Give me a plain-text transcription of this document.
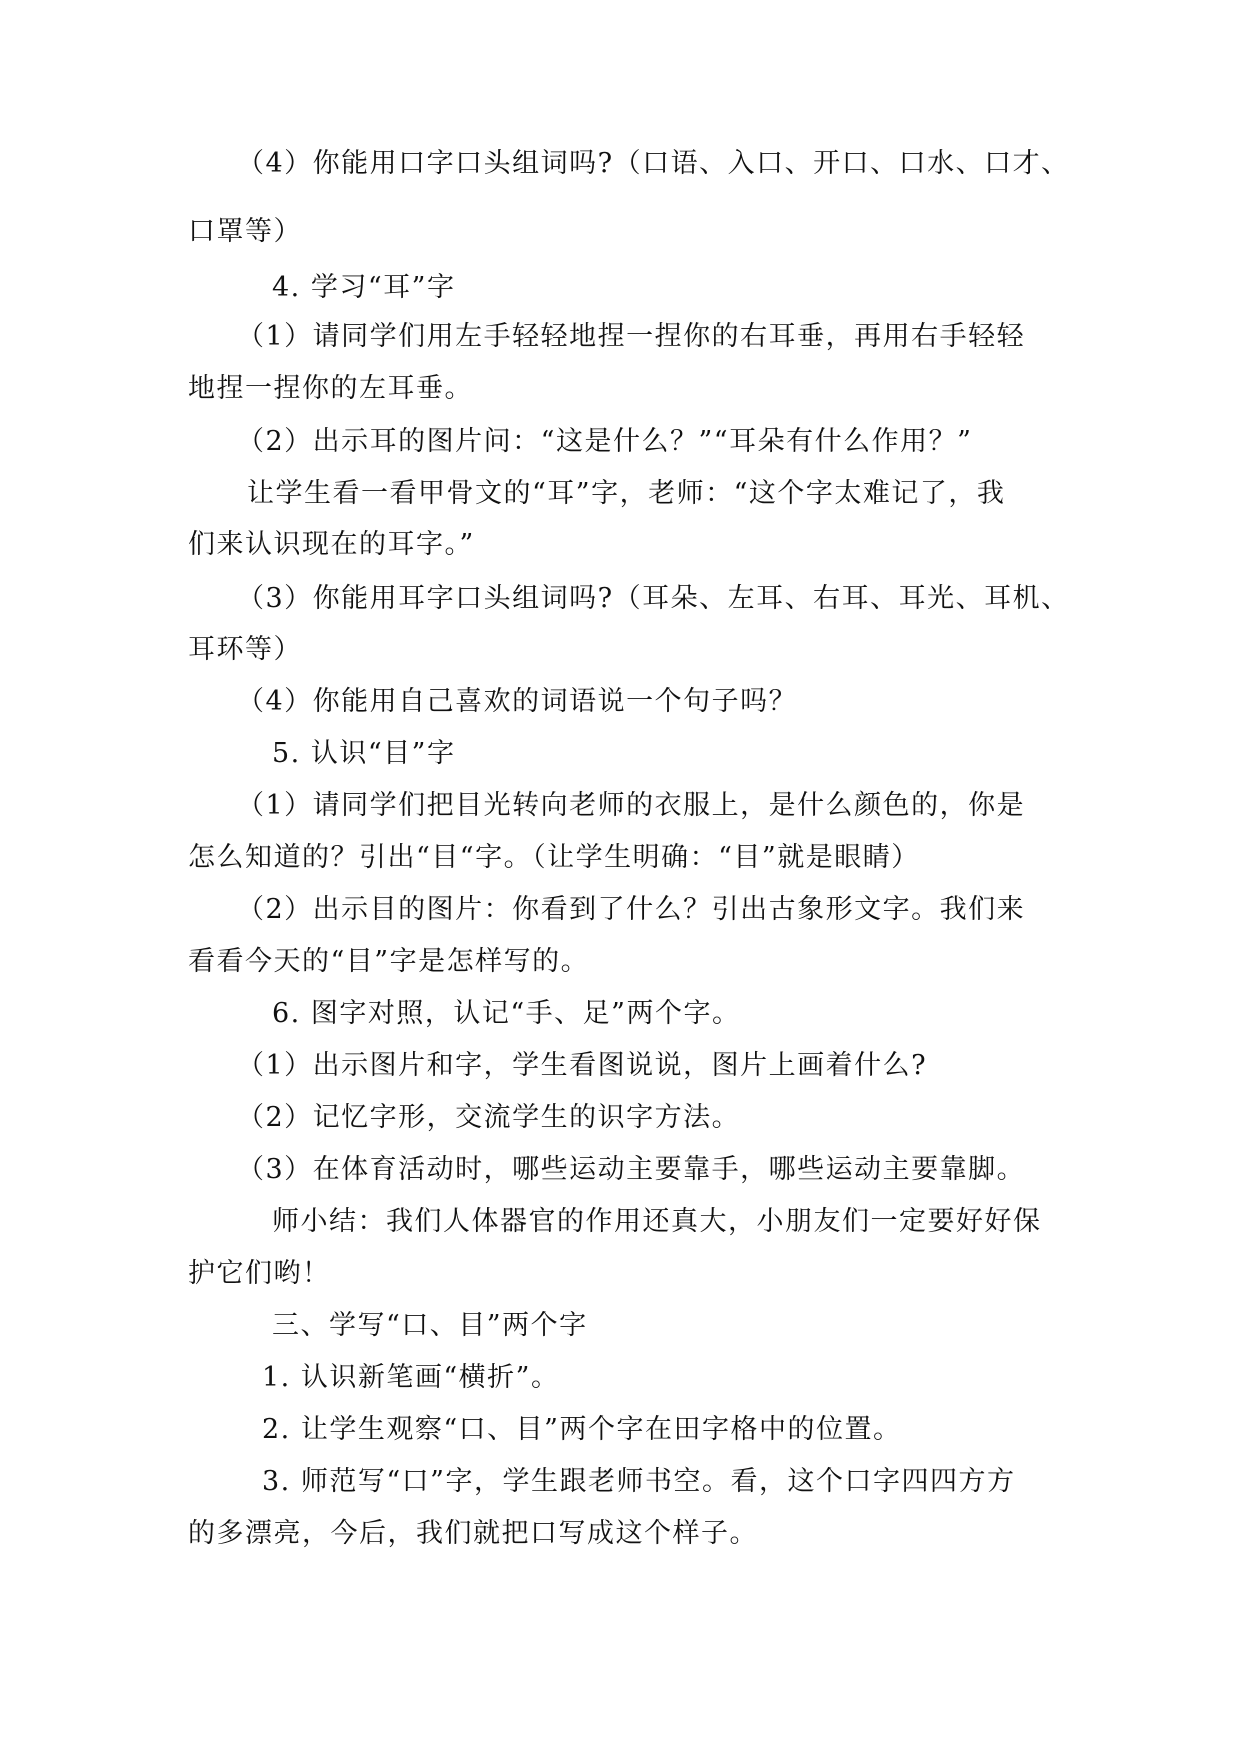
（4）你能用口字口头组词吗?（口语、入口、开口、口水、口才、
口罩等）
4. 学习“耳”字
（1）请同学们用左手轻轻地捏一捏你的右耳垂，再用右手轻轻
地捏一捏你的左耳垂。
（2）出示耳的图片问：“这是什么？”“耳朵有什么作用？”
让学生看一看甲骨文的“耳”字，老师：“这个字太难记了，我
们来认识现在的耳字。”
（3）你能用耳字口头组词吗?（耳朵、左耳、右耳、耳光、耳机、
耳环等）
（4）你能用自己喜欢的词语说一个句子吗？
5. 认识“目”字
（1）请同学们把目光转向老师的衣服上，是什么颜色的，你是
怎么知道的？引出“目“字。（让学生明确：“目”就是眼睛）
（2）出示目的图片：你看到了什么？引出古象形文字。我们来
看看今天的“目”字是怎样写的。
6. 图字对照，认记“手、足”两个字。
（1）出示图片和字，学生看图说说，图片上画着什么?
（2）记忆字形，交流学生的识字方法。
（3）在体育活动时，哪些运动主要靠手，哪些运动主要靠脚。
师小结：我们人体器官的作用还真大，小朋友们一定要好好保
护它们哟！
三、学写“口、目”两个字
1. 认识新笔画“横折”。
2. 让学生观察“口、目”两个字在田字格中的位置。
3. 师范写“口”字，学生跟老师书空。看，这个口字四四方方
的多漂亮，今后，我们就把口写成这个样子。
